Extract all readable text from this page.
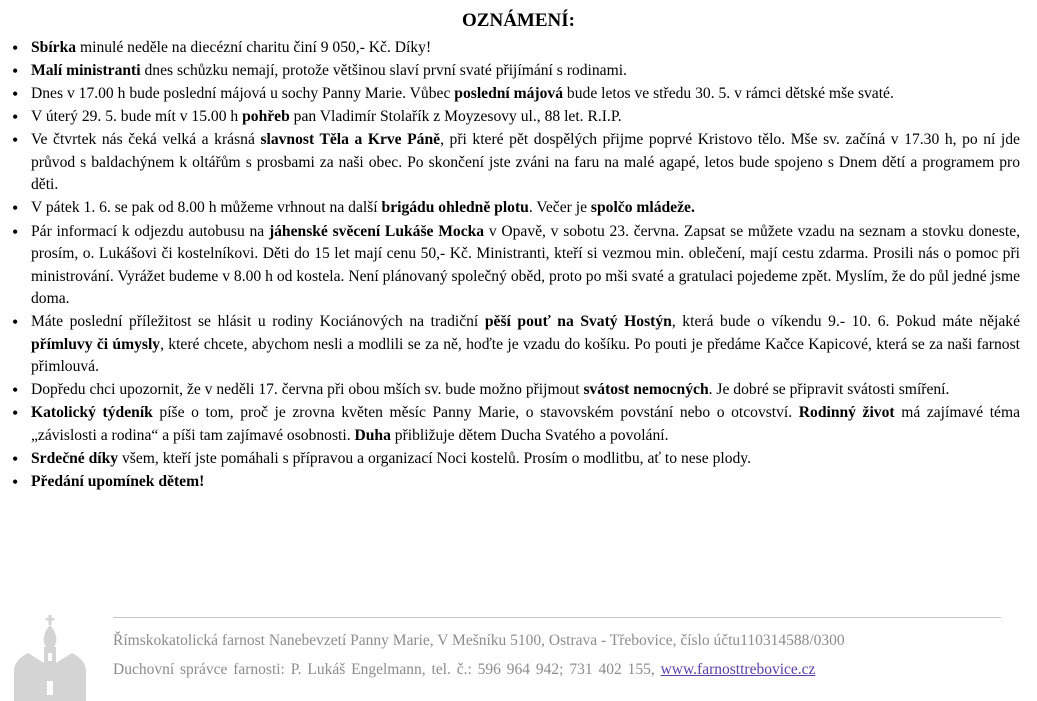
OZNÁMENÍ:
• Sbírka minulé neděle na diecézní charitu činí 9 050,- Kč. Díky!
• Malí ministranti dnes schůzku nemají, protože většinou slaví první svaté přijímání s rodinami.
• Dnes v 17.00 h bude poslední májová u sochy Panny Marie. Vůbec poslední májová bude letos ve středu 30. 5. v rámci dětské mše svaté.
• V úterý 29. 5. bude mít v 15.00 h pohřeb pan Vladimír Stolařík z Moyzesovy ul., 88 let. R.I.P.
• Ve čtvrtek nás čeká velká a krásná slavnost Těla a Krve Páně, při které pět dospělých přijme poprvé Kristovo tělo. Mše sv. začíná v 17.30 h, po ní jde průvod s baldachýnem k oltářům s prosbami za naši obec. Po skončení jste zváni na faru na malé agapé, letos bude spojeno s Dnem dětí a programem pro děti.
• V pátek 1. 6. se pak od 8.00 h můžeme vrhnout na další brigádu ohledně plotu. Večer je spolčo mládeže.
• Pár informací k odjezdu autobusu na jáhenské svěcení Lukáše Mocka v Opavě, v sobotu 23. června. Zapsat se můžete vzadu na seznam a stovku doneste, prosím, o. Lukášovi či kostelníkovi. Děti do 15 let mají cenu 50,- Kč. Ministranti, kteří si vezmou min. oblečení, mají cestu zdarma. Prosili nás o pomoc při ministrování. Vyrážet budeme v 8.00 h od kostela. Není plánovaný společný oběd, proto po mši svaté a gratulaci pojedeme zpět. Myslím, že do půl jedné jsme doma.
• Máte poslední příležitost se hlásit u rodiny Kociánových na tradiční pěší pouť na Svatý Hostýn, která bude o víkendu 9.- 10. 6. Pokud máte nějaké přímluvy či úmysly, které chcete, abychom nesli a modlili se za ně, hoďte je vzadu do košíku. Po pouti je předáme Kačce Kapicové, která se za naši farnost přimlouvá.
• Dopředu chci upozornit, že v neděli 17. června při obou mších sv. bude možno přijmout svátost nemocných. Je dobré se připravit svátosti smíření.
• Katolický týdeník píše o tom, proč je zrovna květen měsíc Panny Marie, o stavovském povstání nebo o otcovství. Rodinný život má zajímavé téma „závislosti a rodina“ a píši tam zajímavé osobnosti. Duha přibližuje dětem Ducha Svatého a povolání.
• Srdečné díky všem, kteří jste pomáhali s přípravou a organizací Noci kostelů. Prosím o modlitbu, ať to nese plody.
• Předání upomínek dětem!
Římskokatolická farnost Nanebevzetí Panny Marie, V Mešníku 5100, Ostrava - Třebovice, číslo účtu110314588/0300
Duchovní správce farnosti: P. Lukáš Engelmann, tel. č.: 596 964 942; 731 402 155, www.farnosttrebovice.cz
